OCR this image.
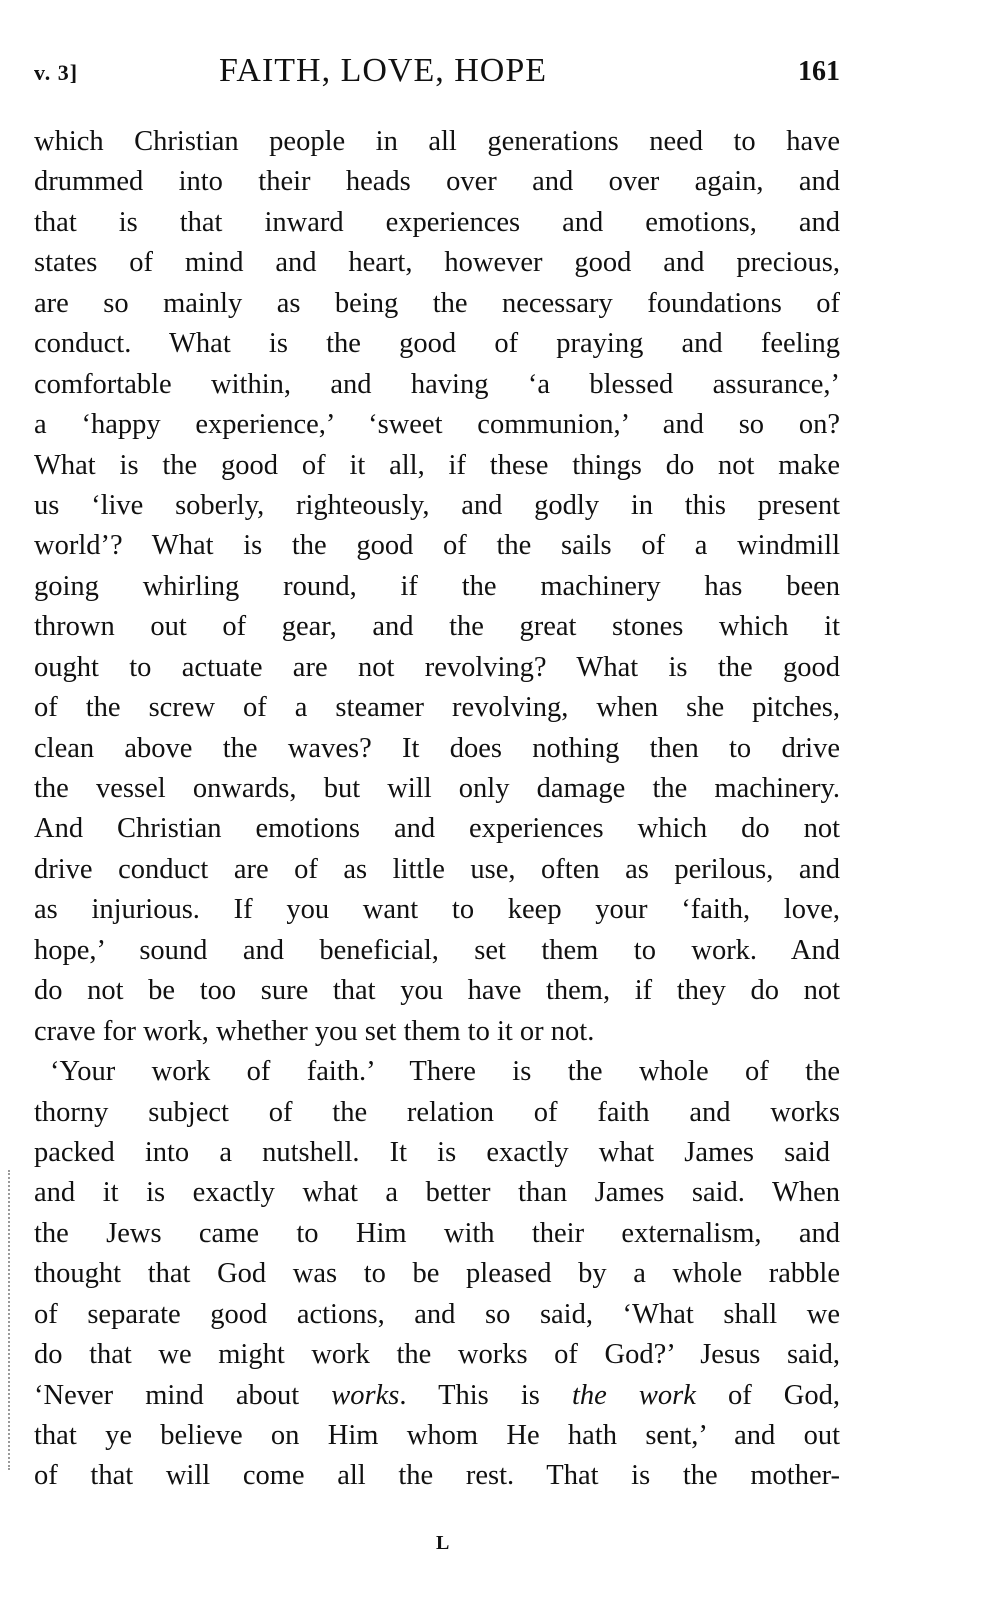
v. 3]	FAITH, LOVE, HOPE	161
which Christian people in all generations need to have
drummed into their heads over and over again, and
that is that inward experiences and emotions, and
states of mind and heart, however good and precious,
are so mainly as being the necessary foundations of
conduct. What is the good of praying and feeling
comfortable within, and having ‘a blessed assurance,’
a ‘happy experience,’ ‘sweet communion,’ and so on?
What is the good of it all, if these things do not make
us ‘live soberly, righteously, and godly in this present
world’? What is the good of the sails of a windmill
going whirling round, if the machinery has been
thrown out of gear, and the great stones which it
ought to actuate are not revolving? What is the good
of the screw of a steamer revolving, when she pitches,
clean above the waves? It does nothing then to drive
the vessel onwards, but will only damage the machinery.
And Christian emotions and experiences which do not
drive conduct are of as little use, often as perilous, and
as injurious. If you want to keep your ‘faith, love,
hope,’ sound and beneficial, set them to work. And
do not be too sure that you have them, if they do not
crave for work, whether you set them to it or not.
‘Your work of faith.’ There is the whole of the
thorny subject of the relation of faith and works
packed into a nutshell. It is exactly what James said
and it is exactly what a better than James said. When
the Jews came to Him with their externalism, and
thought that God was to be pleased by a whole rabble
of separate good actions, and so said, ‘What shall we
do that we might work the works of God?’ Jesus said,
‘Never mind about works. This is the work of God,
that ye believe on Him whom He hath sent,’ and out
of that will come all the rest. That is the mother-
L
